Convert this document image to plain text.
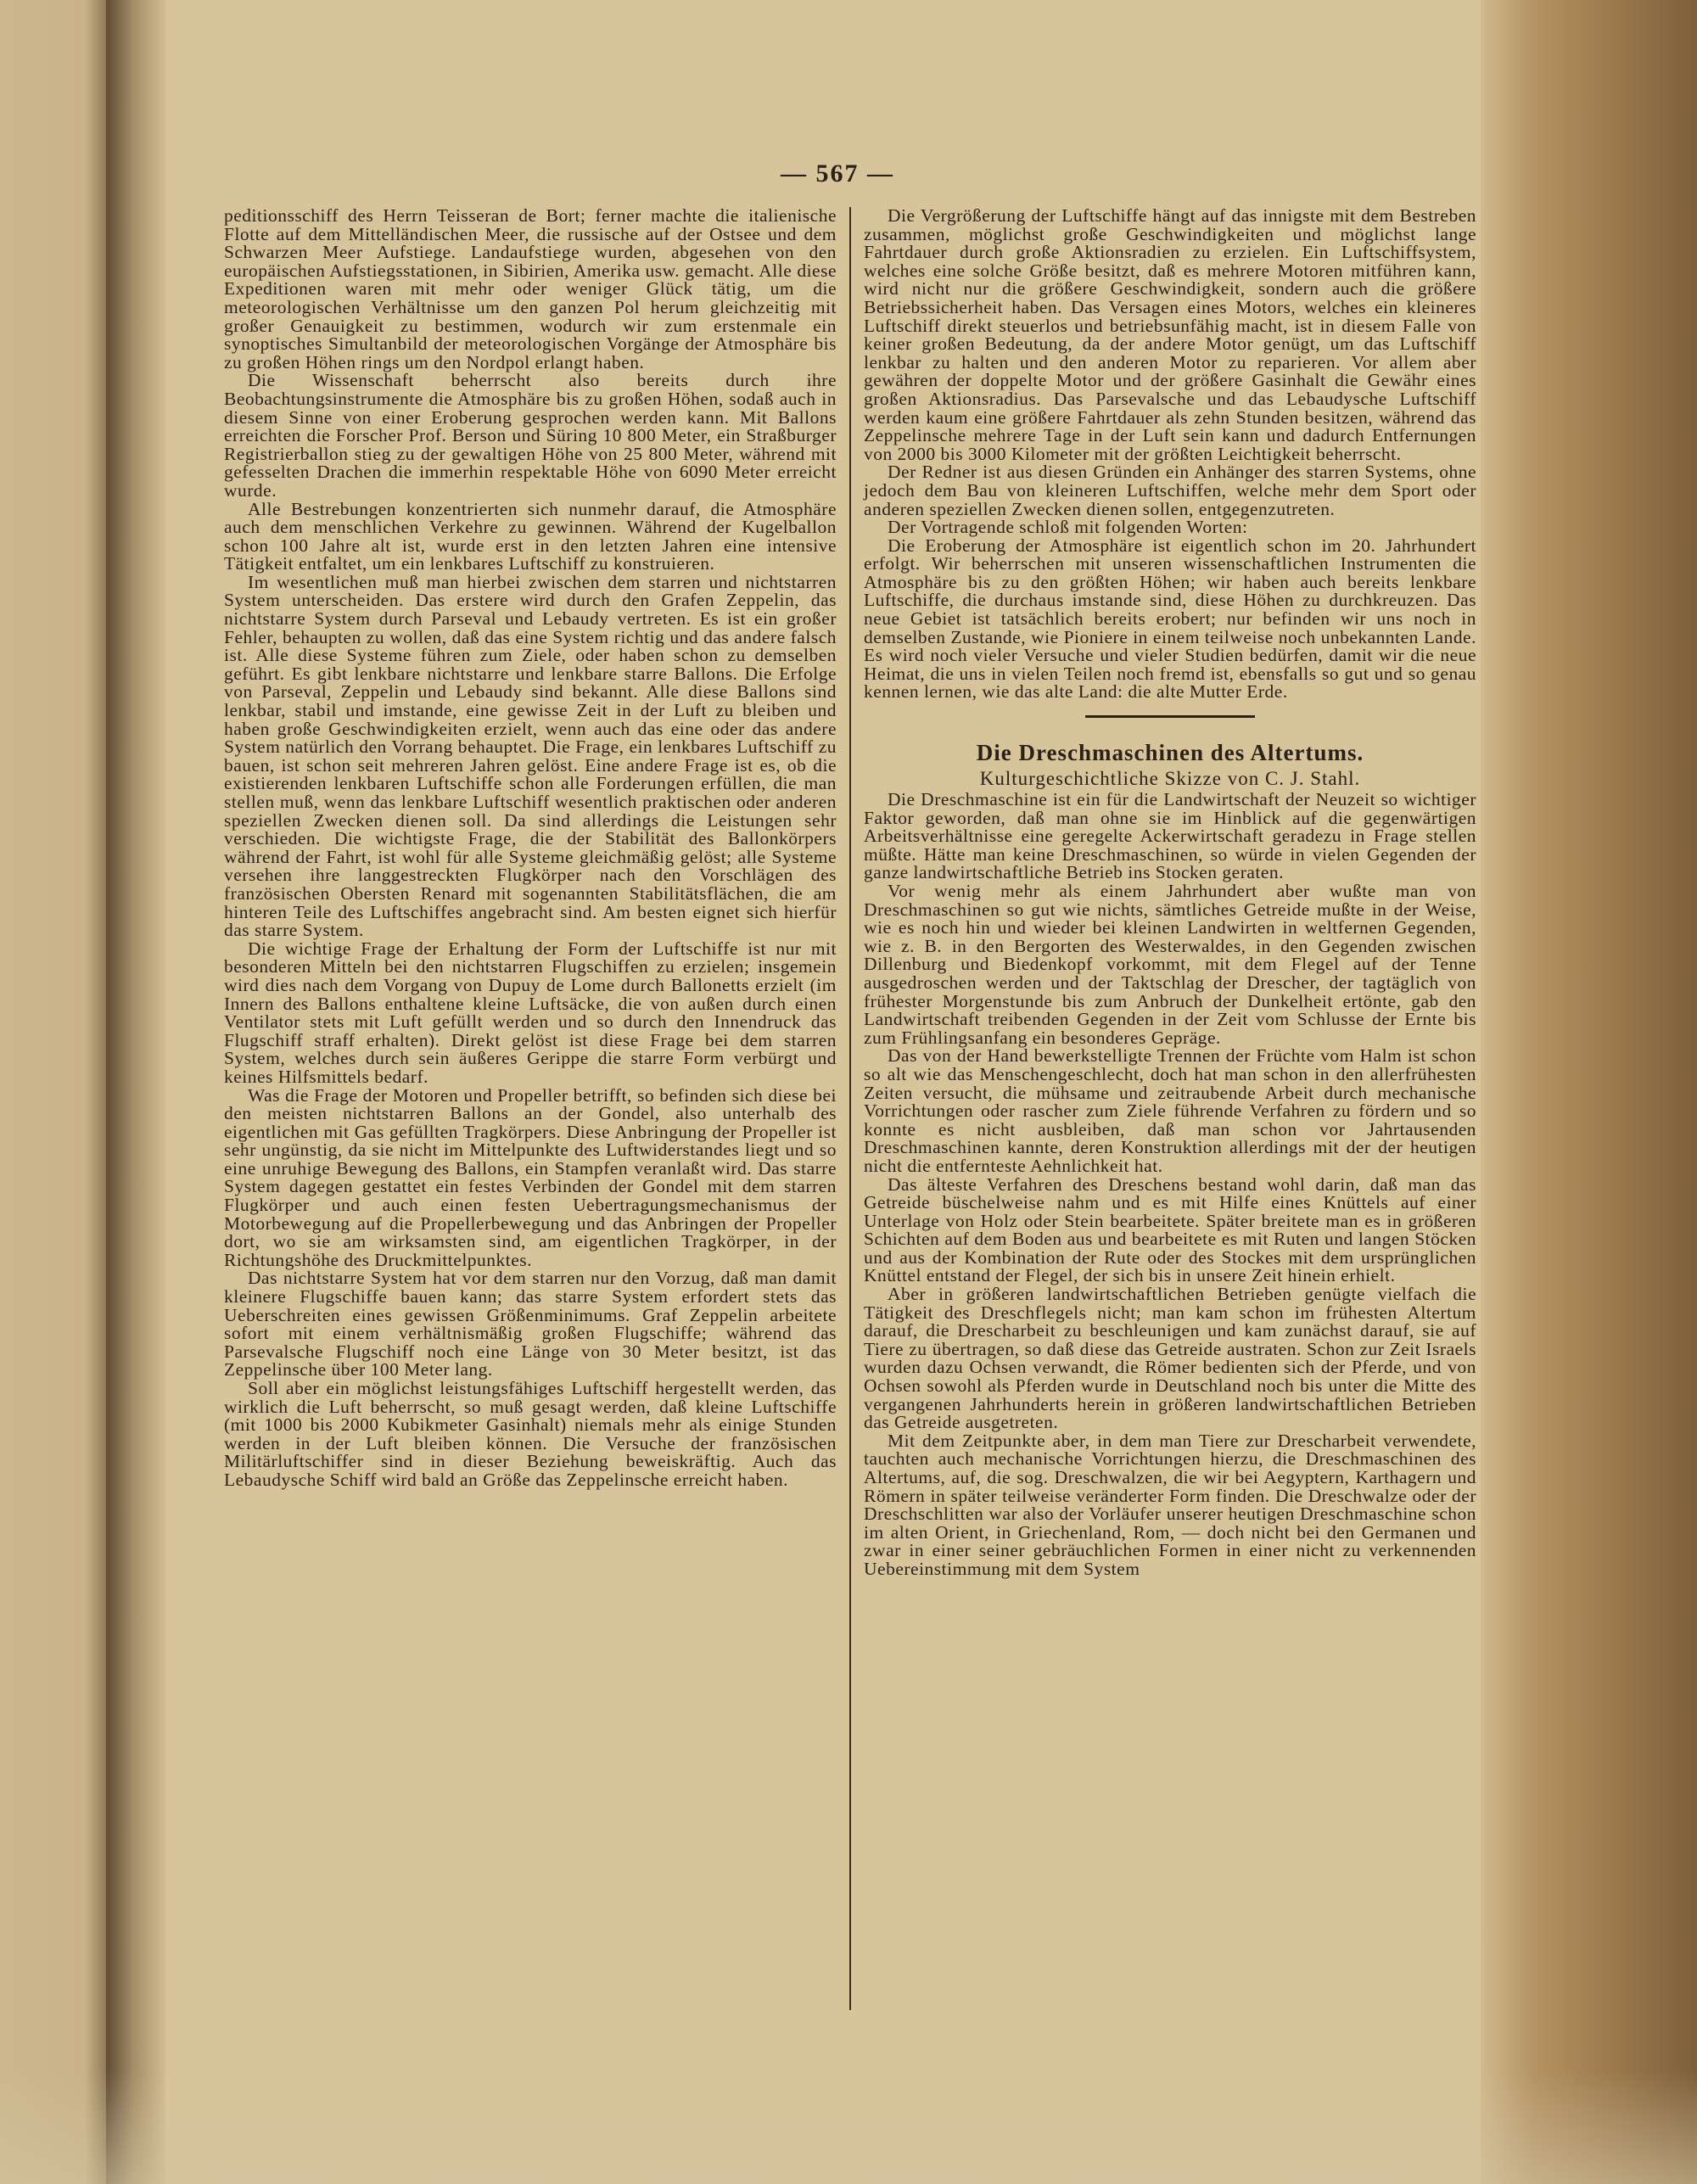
— 567 —

peditionsschiff des Herrn Teisseran de Bort; ferner machte die italienische Flotte auf dem Mittelländischen Meer, die russische auf der Ostsee und dem Schwarzen Meer Aufstiege. Landaufstiege wurden, abgesehen von den europäischen Aufstiegsstationen, in Sibirien, Amerika usw. gemacht. Alle diese Expeditionen waren mit mehr oder weniger Glück tätig, um die meteorologischen Verhältnisse um den ganzen Pol herum gleichzeitig mit großer Genauigkeit zu bestimmen, wodurch wir zum erstenmale ein synoptisches Simultanbild der meteorologischen Vorgänge der Atmosphäre bis zu großen Höhen rings um den Nordpol erlangt haben.

Die Wissenschaft beherrscht also bereits durch ihre Beobachtungsinstrumente die Atmosphäre bis zu großen Höhen, sodaß auch in diesem Sinne von einer Eroberung gesprochen werden kann. Mit Ballons erreichten die Forscher Prof. Berson und Süring 10 800 Meter, ein Straßburger Registrierballon stieg zu der gewaltigen Höhe von 25 800 Meter, während mit gefesselten Drachen die immerhin respektable Höhe von 6090 Meter erreicht wurde.

Alle Bestrebungen konzentrierten sich nunmehr darauf, die Atmosphäre auch dem menschlichen Verkehre zu gewinnen. Während der Kugelballon schon 100 Jahre alt ist, wurde erst in den letzten Jahren eine intensive Tätigkeit entfaltet, um ein lenkbares Luftschiff zu konstruieren.

Im wesentlichen muß man hierbei zwischen dem starren und nichtstarren System unterscheiden. Das erstere wird durch den Grafen Zeppelin, das nichtstarre System durch Parseval und Lebaudy vertreten. Es ist ein großer Fehler, behaupten zu wollen, daß das eine System richtig und das andere falsch ist. Alle diese Systeme führen zum Ziele, oder haben schon zu demselben geführt. Es gibt lenkbare nichtstarre und lenkbare starre Ballons. Die Erfolge von Parseval, Zeppelin und Lebaudy sind bekannt. Alle diese Ballons sind lenkbar, stabil und imstande, eine gewisse Zeit in der Luft zu bleiben und haben große Geschwindigkeiten erzielt, wenn auch das eine oder das andere System natürlich den Vorrang behauptet. Die Frage, ein lenkbares Luftschiff zu bauen, ist schon seit mehreren Jahren gelöst. Eine andere Frage ist es, ob die existierenden lenkbaren Luftschiffe schon alle Forderungen erfüllen, die man stellen muß, wenn das lenkbare Luftschiff wesentlich praktischen oder anderen speziellen Zwecken dienen soll. Da sind allerdings die Leistungen sehr verschieden. Die wichtigste Frage, die der Stabilität des Ballonkörpers während der Fahrt, ist wohl für alle Systeme gleichmäßig gelöst; alle Systeme versehen ihre langgestreckten Flugkörper nach den Vorschlägen des französischen Obersten Renard mit sogenannten Stabilitätsflächen, die am hinteren Teile des Luftschiffes angebracht sind. Am besten eignet sich hierfür das starre System.

Die wichtige Frage der Erhaltung der Form der Luftschiffe ist nur mit besonderen Mitteln bei den nichtstarren Flugschiffen zu erzielen; insgemein wird dies nach dem Vorgang von Dupuy de Lome durch Ballonetts erzielt (im Innern des Ballons enthaltene kleine Luftsäcke, die von außen durch einen Ventilator stets mit Luft gefüllt werden und so durch den Innendruck das Flugschiff straff erhalten). Direkt gelöst ist diese Frage bei dem starren System, welches durch sein äußeres Gerippe die starre Form verbürgt und keines Hilfsmittels bedarf.

Was die Frage der Motoren und Propeller betrifft, so befinden sich diese bei den meisten nichtstarren Ballons an der Gondel, also unterhalb des eigentlichen mit Gas gefüllten Tragkörpers. Diese Anbringung der Propeller ist sehr ungünstig, da sie nicht im Mittelpunkte des Luftwiderstandes liegt und so eine unruhige Bewegung des Ballons, ein Stampfen veranlaßt wird. Das starre System dagegen gestattet ein festes Verbinden der Gondel mit dem starren Flugkörper und auch einen festen Uebertragungsmechanismus der Motorbewegung auf die Propellerbewegung und das Anbringen der Propeller dort, wo sie am wirksamsten sind, am eigentlichen Tragkörper, in der Richtungshöhe des Druckmittelpunktes.

Das nichtstarre System hat vor dem starren nur den Vorzug, daß man damit kleinere Flugschiffe bauen kann; das starre System erfordert stets das Ueberschreiten eines gewissen Größenminimums. Graf Zeppelin arbeitete sofort mit einem verhältnismäßig großen Flugschiffe; während das Parsevalsche Flugschiff noch eine Länge von 30 Meter besitzt, ist das Zeppelinsche über 100 Meter lang.

Soll aber ein möglichst leistungsfähiges Luftschiff hergestellt werden, das wirklich die Luft beherrscht, so muß gesagt werden, daß kleine Luftschiffe (mit 1000 bis 2000 Kubikmeter Gasinhalt) niemals mehr als einige Stunden werden in der Luft bleiben können. Die Versuche der französischen Militärluftschiffer sind in dieser Beziehung beweiskräftig. Auch das Lebaudysche Schiff wird bald an Größe das Zeppelinsche erreicht haben.

Die Vergrößerung der Luftschiffe hängt auf das innigste mit dem Bestreben zusammen, möglichst große Geschwindigkeiten und möglichst lange Fahrtdauer durch große Aktionsradien zu erzielen. Ein Luftschiffsystem, welches eine solche Größe besitzt, daß es mehrere Motoren mitführen kann, wird nicht nur die größere Geschwindigkeit, sondern auch die größere Betriebssicherheit haben. Das Versagen eines Motors, welches ein kleineres Luftschiff direkt steuerlos und betriebsunfähig macht, ist in diesem Falle von keiner großen Bedeutung, da der andere Motor genügt, um das Luftschiff lenkbar zu halten und den anderen Motor zu reparieren. Vor allem aber gewähren der doppelte Motor und der größere Gasinhalt die Gewähr eines großen Aktionsradius. Das Parsevalsche und das Lebaudysche Luftschiff werden kaum eine größere Fahrtdauer als zehn Stunden besitzen, während das Zeppelinsche mehrere Tage in der Luft sein kann und dadurch Entfernungen von 2000 bis 3000 Kilometer mit der größten Leichtigkeit beherrscht.

Der Redner ist aus diesen Gründen ein Anhänger des starren Systems, ohne jedoch dem Bau von kleineren Luftschiffen, welche mehr dem Sport oder anderen speziellen Zwecken dienen sollen, entgegenzutreten.

Der Vortragende schloß mit folgenden Worten:

Die Eroberung der Atmosphäre ist eigentlich schon im 20. Jahrhundert erfolgt. Wir beherrschen mit unseren wissenschaftlichen Instrumenten die Atmosphäre bis zu den größten Höhen; wir haben auch bereits lenkbare Luftschiffe, die durchaus imstande sind, diese Höhen zu durchkreuzen. Das neue Gebiet ist tatsächlich bereits erobert; nur befinden wir uns noch in demselben Zustande, wie Pioniere in einem teilweise noch unbekannten Lande. Es wird noch vieler Versuche und vieler Studien bedürfen, damit wir die neue Heimat, die uns in vielen Teilen noch fremd ist, ebensfalls so gut und so genau kennen lernen, wie das alte Land: die alte Mutter Erde.

Die Dreschmaschinen des Altertums.
Kulturgeschichtliche Skizze von C. J. Stahl.

Die Dreschmaschine ist ein für die Landwirtschaft der Neuzeit so wichtiger Faktor geworden, daß man ohne sie im Hinblick auf die gegenwärtigen Arbeitsverhältnisse eine geregelte Ackerwirtschaft geradezu in Frage stellen müßte. Hätte man keine Dreschmaschinen, so würde in vielen Gegenden der ganze landwirtschaftliche Betrieb ins Stocken geraten.

Vor wenig mehr als einem Jahrhundert aber wußte man von Dreschmaschinen so gut wie nichts, sämtliches Getreide mußte in der Weise, wie es noch hin und wieder bei kleinen Landwirten in weltfernen Gegenden, wie z. B. in den Bergorten des Westerwaldes, in den Gegenden zwischen Dillenburg und Biedenkopf vorkommt, mit dem Flegel auf der Tenne ausgedroschen werden und der Taktschlag der Drescher, der tagtäglich von frühester Morgenstunde bis zum Anbruch der Dunkelheit ertönte, gab den Landwirtschaft treibenden Gegenden in der Zeit vom Schlusse der Ernte bis zum Frühlingsanfang ein besonderes Gepräge.

Das von der Hand bewerkstelligte Trennen der Früchte vom Halm ist schon so alt wie das Menschengeschlecht, doch hat man schon in den allerfrühesten Zeiten versucht, die mühsame und zeitraubende Arbeit durch mechanische Vorrichtungen oder rascher zum Ziele führende Verfahren zu fördern und so konnte es nicht ausbleiben, daß man schon vor Jahrtausenden Dreschmaschinen kannte, deren Konstruktion allerdings mit der der heutigen nicht die entfernteste Aehnlichkeit hat.

Das älteste Verfahren des Dreschens bestand wohl darin, daß man das Getreide büschelweise nahm und es mit Hilfe eines Knüttels auf einer Unterlage von Holz oder Stein bearbeitete. Später breitete man es in größeren Schichten auf dem Boden aus und bearbeitete es mit Ruten und langen Stöcken und aus der Kombination der Rute oder des Stockes mit dem ursprünglichen Knüttel entstand der Flegel, der sich bis in unsere Zeit hinein erhielt.

Aber in größeren landwirtschaftlichen Betrieben genügte vielfach die Tätigkeit des Dreschflegels nicht; man kam schon im frühesten Altertum darauf, die Drescharbeit zu beschleunigen und kam zunächst darauf, sie auf Tiere zu übertragen, so daß diese das Getreide austraten. Schon zur Zeit Israels wurden dazu Ochsen verwandt, die Römer bedienten sich der Pferde, und von Ochsen sowohl als Pferden wurde in Deutschland noch bis unter die Mitte des vergangenen Jahrhunderts herein in größeren landwirtschaftlichen Betrieben das Getreide ausgetreten.

Mit dem Zeitpunkte aber, in dem man Tiere zur Drescharbeit verwendete, tauchten auch mechanische Vorrichtungen hierzu, die Dreschmaschinen des Altertums, auf, die sog. Dreschwalzen, die wir bei Aegyptern, Karthagern und Römern in später teilweise veränderter Form finden. Die Dreschwalze oder der Dreschschlitten war also der Vorläufer unserer heutigen Dreschmaschine schon im alten Orient, in Griechenland, Rom, — doch nicht bei den Germanen und zwar in einer seiner gebräuchlichen Formen in einer nicht zu verkennenden Uebereinstimmung mit dem System
